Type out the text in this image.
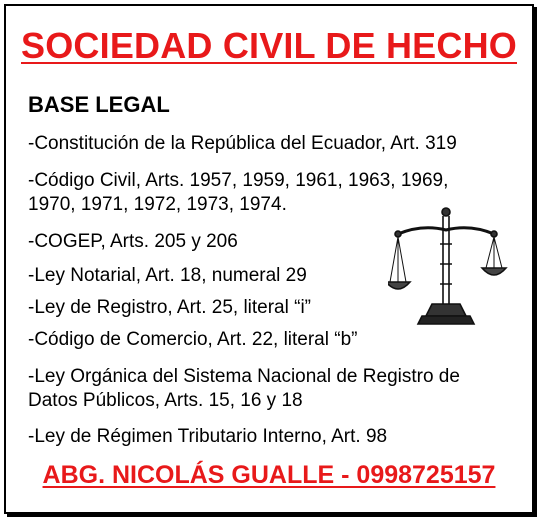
SOCIEDAD CIVIL DE HECHO
BASE LEGAL
-Constitución de la República del Ecuador, Art. 319
-Código Civil, Arts. 1957, 1959, 1961, 1963, 1969,
1970, 1971, 1972, 1973, 1974.
-COGEP, Arts. 205 y 206
-Ley Notarial, Art. 18, numeral 29
-Ley de Registro, Art. 25, literal “i”
-Código de Comercio, Art. 22, literal “b”
-Ley Orgánica del Sistema Nacional de Registro de
Datos Públicos, Arts. 15, 16 y 18
-Ley de Régimen Tributario Interno, Art. 98
ABG. NICOLÁS GUALLE - 0998725157
